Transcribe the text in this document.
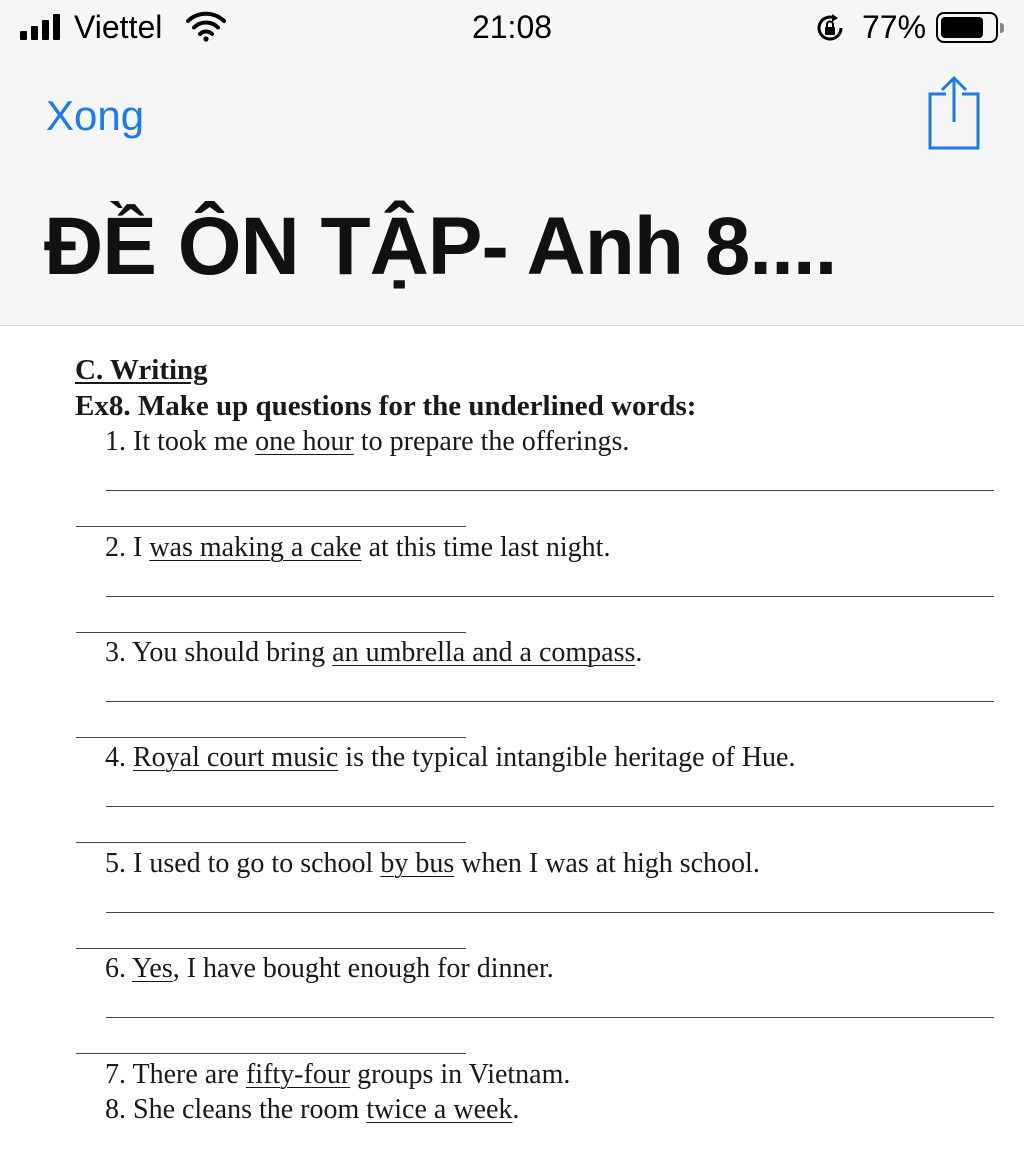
Viettel	21:08	77%
Xong
ĐỀ ÔN TẬP- Anh 8....
C. Writing
Ex8. Make up questions for the underlined words:
1. It took me one hour to prepare the offerings.
2. I was making a cake at this time last night.
3. You should bring an umbrella and a compass.
4. Royal court music is the typical intangible heritage of Hue.
5. I used to go to school by bus when I was at high school.
6. Yes, I have bought enough for dinner.
7. There are fifty-four groups in Vietnam.
8. She cleans the room twice a week.
